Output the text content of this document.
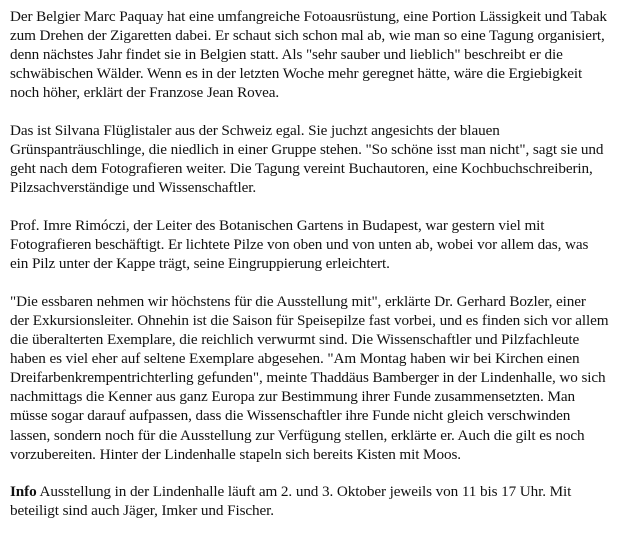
Der Belgier Marc Paquay hat eine umfangreiche Fotoausrüstung, eine Portion Lässigkeit und Tabak
zum Drehen der Zigaretten dabei. Er schaut sich schon mal ab, wie man so eine Tagung organisiert,
denn nächstes Jahr findet sie in Belgien statt. Als "sehr sauber und lieblich" beschreibt er die
schwäbischen Wälder. Wenn es in der letzten Woche mehr geregnet hätte, wäre die Ergiebigkeit
noch höher, erklärt der Franzose Jean Rovea.

Das ist Silvana Flüglistaler aus der Schweiz egal. Sie juchzt angesichts der blauen
Grünspanträuschlinge, die niedlich in einer Gruppe stehen. "So schöne isst man nicht", sagt sie und
geht nach dem Fotografieren weiter. Die Tagung vereint Buchautoren, eine Kochbuchschreiberin,
Pilzsachverständige und Wissenschaftler.

Prof. Imre Rimóczi, der Leiter des Botanischen Gartens in Budapest, war gestern viel mit
Fotografieren beschäftigt. Er lichtete Pilze von oben und von unten ab, wobei vor allem das, was
ein Pilz unter der Kappe trägt, seine Eingruppierung erleichtert.

"Die essbaren nehmen wir höchstens für die Ausstellung mit", erklärte Dr. Gerhard Bozler, einer
der Exkursionsleiter. Ohnehin ist die Saison für Speisepilze fast vorbei, und es finden sich vor allem
die überalterten Exemplare, die reichlich verwurmt sind. Die Wissenschaftler und Pilzfachleute
haben es viel eher auf seltene Exemplare abgesehen. "Am Montag haben wir bei Kirchen einen
Dreifarbenkrempentrichterling gefunden", meinte Thaddäus Bamberger in der Lindenhalle, wo sich
nachmittags die Kenner aus ganz Europa zur Bestimmung ihrer Funde zusammensetzten. Man
müsse sogar darauf aufpassen, dass die Wissenschaftler ihre Funde nicht gleich verschwinden
lassen, sondern noch für die Ausstellung zur Verfügung stellen, erklärte er. Auch die gilt es noch
vorzubereiten. Hinter der Lindenhalle stapeln sich bereits Kisten mit Moos.

Info Ausstellung in der Lindenhalle läuft am 2. und 3. Oktober jeweils von 11 bis 17 Uhr. Mit
beteiligt sind auch Jäger, Imker und Fischer.
